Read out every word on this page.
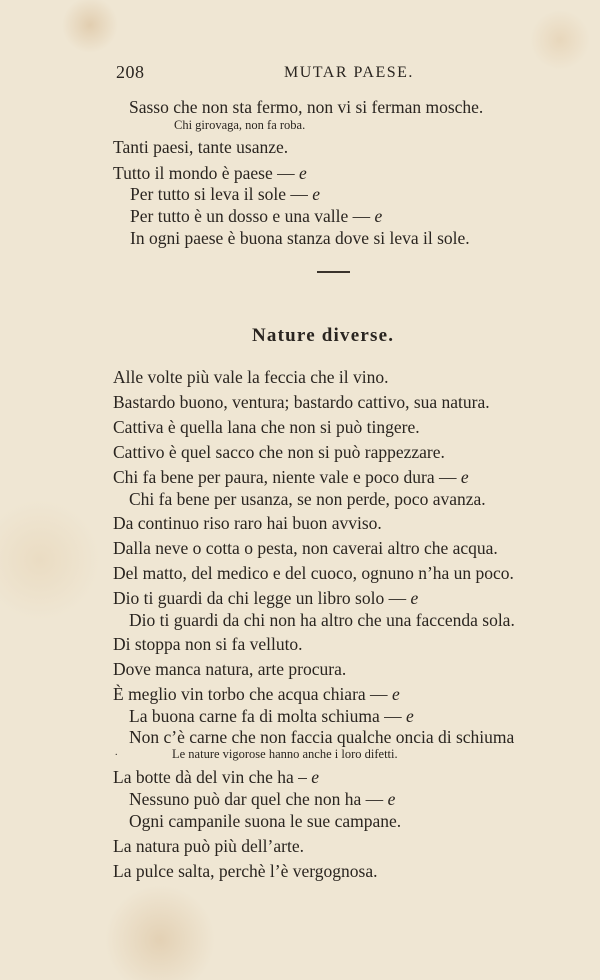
208	MUTAR PAESE.
Sasso che non sta fermo, non vi si ferman mosche.
Chi girovaga, non fa roba.
Tanti paesi, tante usanze.
Tutto il mondo è paese — e
Per tutto si leva il sole — e
Per tutto è un dosso e una valle — e
In ogni paese è buona stanza dove si leva il sole.
Nature diverse.
Alle volte più vale la feccia che il vino.
Bastardo buono, ventura; bastardo cattivo, sua natura.
Cattiva è quella lana che non si può tingere.
Cattivo è quel sacco che non si può rappezzare.
Chi fa bene per paura, niente vale e poco dura — e
Chi fa bene per usanza, se non perde, poco avanza.
Da continuo riso raro hai buon avviso.
Dalla neve o cotta o pesta, non caverai altro che acqua.
Del matto, del medico e del cuoco, ognuno n’ha un poco.
Dio ti guardi da chi legge un libro solo — e
Dio ti guardi da chi non ha altro che una faccenda sola.
Di stoppa non si fa velluto.
Dove manca natura, arte procura.
È meglio vin torbo che acqua chiara — e
La buona carne fa di molta schiuma — e
Non c’è carne che non faccia qualche oncia di schiuma
.	Le nature vigorose hanno anche i loro difetti.
La botte dà del vin che ha – e
Nessuno può dar quel che non ha — e
Ogni campanile suona le sue campane.
La natura può più dell’arte.
La pulce salta, perchè l’è vergognosa.
